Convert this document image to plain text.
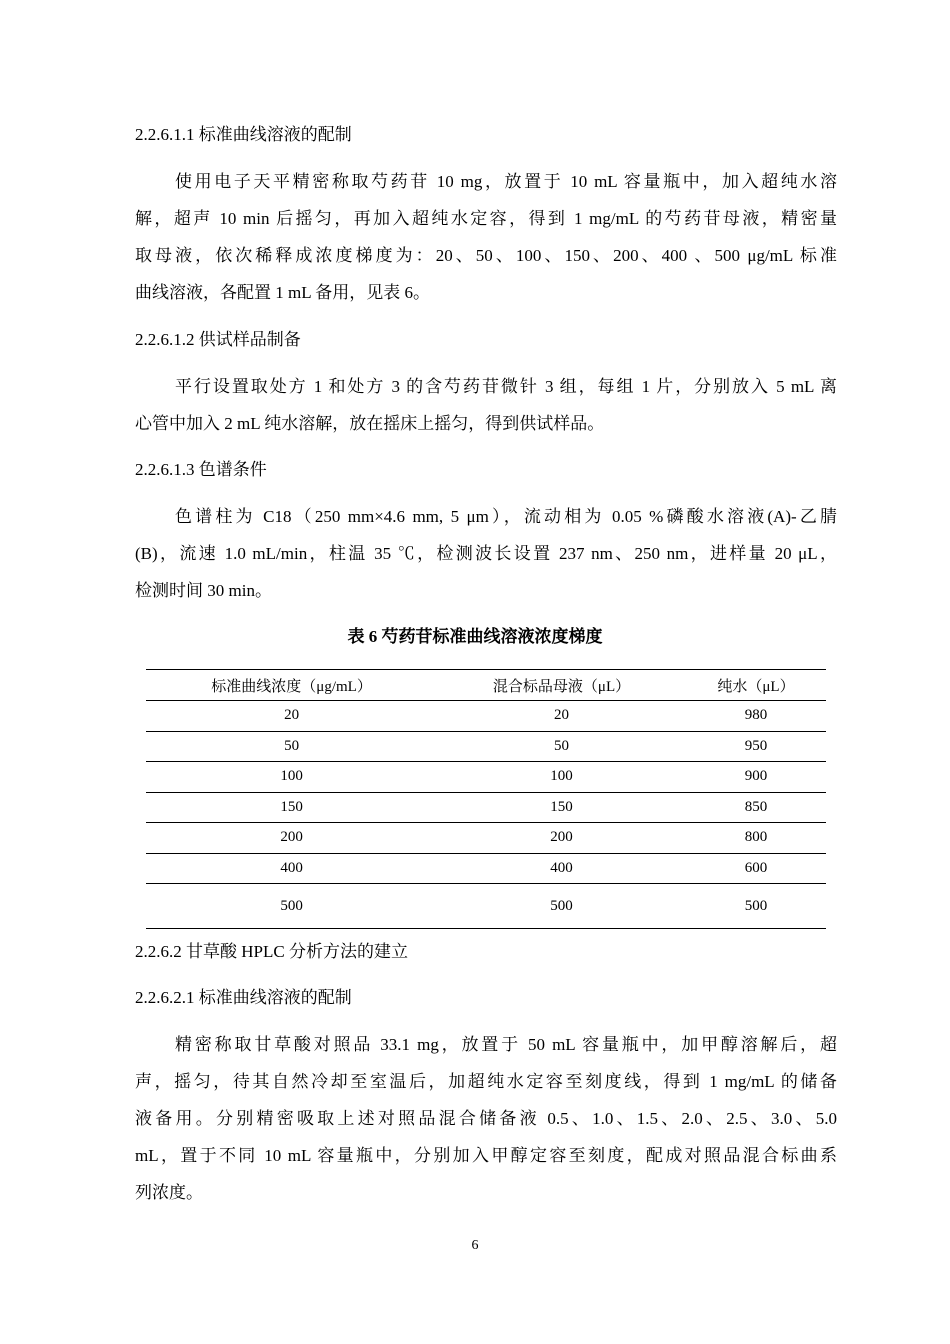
2.2.6.1.1 标准曲线溶液的配制
使用电子天平精密称取芍药苷 10 mg，放置于 10 mL 容量瓶中，加入超纯水溶
解，超声 10 min 后摇匀，再加入超纯水定容，得到 1 mg/mL 的芍药苷母液，精密量
取母液，依次稀释成浓度梯度为：20、50、100、150、200、400 、500 μg/mL 标准
曲线溶液，各配置 1 mL 备用，见表 6。
2.2.6.1.2 供试样品制备
平行设置取处方 1 和处方 3 的含芍药苷微针 3 组，每组 1 片，分别放入 5 mL 离
心管中加入 2 mL 纯水溶解，放在摇床上摇匀，得到供试样品。
2.2.6.1.3 色谱条件
色谱柱为 C18（250 mm×4.6 mm, 5 μm），流动相为 0.05 %磷酸水溶液(A)-乙腈
(B)，流速 1.0 mL/min，柱温 35 ℃，检测波长设置 237 nm、250 nm，进样量 20 μL，
检测时间 30 min。
表 6 芍药苷标准曲线溶液浓度梯度
标准曲线浓度（μg/mL）	混合标品母液（μL）	纯水（μL）
20	20	980
50	50	950
100	100	900
150	150	850
200	200	800
400	400	600
500	500	500
2.2.6.2 甘草酸 HPLC 分析方法的建立
2.2.6.2.1 标准曲线溶液的配制
精密称取甘草酸对照品 33.1 mg，放置于 50 mL 容量瓶中，加甲醇溶解后，超
声，摇匀，待其自然冷却至室温后，加超纯水定容至刻度线，得到 1 mg/mL 的储备
液备用。分别精密吸取上述对照品混合储备液 0.5、1.0、1.5、2.0、2.5、3.0、5.0
mL，置于不同 10 mL 容量瓶中，分别加入甲醇定容至刻度，配成对照品混合标曲系
列浓度。
6
